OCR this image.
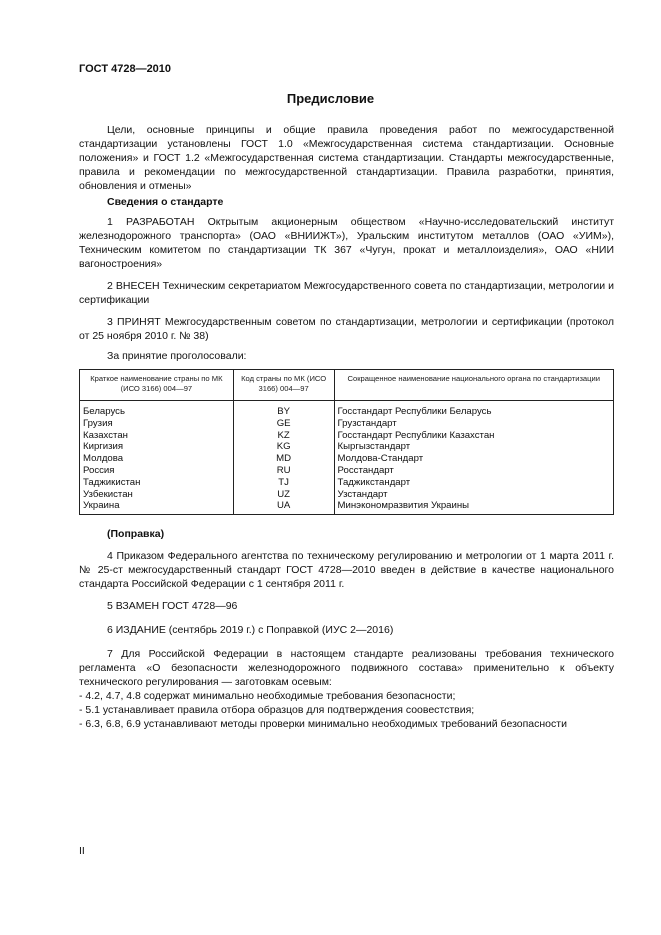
ГОСТ 4728—2010
Предисловие

Цели, основные принципы и общие правила проведения работ по межгосударственной стандартизации установлены ГОСТ 1.0 «Межгосударственная система стандартизации. Основные положения» и ГОСТ 1.2 «Межгосударственная система стандартизации. Стандарты межгосударственные, правила и рекомендации по межгосударственной стандартизации. Правила разработки, принятия, обновления и отмены»

Сведения о стандарте

1 РАЗРАБОТАН Октрытым акционерным обществом «Научно-исследовательский институт железнодорожного транспорта» (ОАО «ВНИИЖТ»), Уральским институтом металлов (ОАО «УИМ»), Техническим комитетом по стандартизации ТК 367 «Чугун, прокат и металлоизделия», ОАО «НИИ вагоностроения»

2 ВНЕСЕН Техническим секретариатом Межгосударственного совета по стандартизации, метрологии и сертификации

3 ПРИНЯТ Межгосударственным советом по стандартизации, метрологии и сертификации (протокол от 25 ноября 2010 г. № 38)

За принятие проголосовали:
Краткое наименование страны по МК (ИСО 3166) 004—97	Код страны по МК (ИСО 3166) 004—97	Сокращенное наименование национального органа по стандартизации
Беларусь	BY	Госстандарт Республики Беларусь
Грузия	GE	Грузстандарт
Казахстан	KZ	Госстандарт Республики Казахстан
Киргизия	KG	Кыргызстандарт
Молдова	MD	Молдова-Стандарт
Россия	RU	Росстандарт
Таджикистан	TJ	Таджикстандарт
Узбекистан	UZ	Узстандарт
Украина	UA	Минэкономразвития Украины

(Поправка)

4 Приказом Федерального агентства по техническому регулированию и метрологии от 1 марта 2011 г. № 25-ст межгосударственный стандарт ГОСТ 4728—2010 введен в действие в качестве национального стандарта Российской Федерации с 1 сентября 2011 г.

5 ВЗАМЕН ГОСТ 4728—96

6 ИЗДАНИЕ (сентябрь 2019 г.) с Поправкой (ИУС 2—2016)

7 Для Российской Федерации в настоящем стандарте реализованы требования технического регламента «О безопасности железнодорожного подвижного состава» применительно к объекту технического регулирования — заготовкам осевым:

- 4.2, 4.7, 4.8 содержат минимально необходимые требования безопасности;

- 5.1 устанавливает правила отбора образцов для подтверждения соовестствия;

- 6.3, 6.8, 6.9 устанавливают методы проверки минимально необходимых требований безопасности

II
